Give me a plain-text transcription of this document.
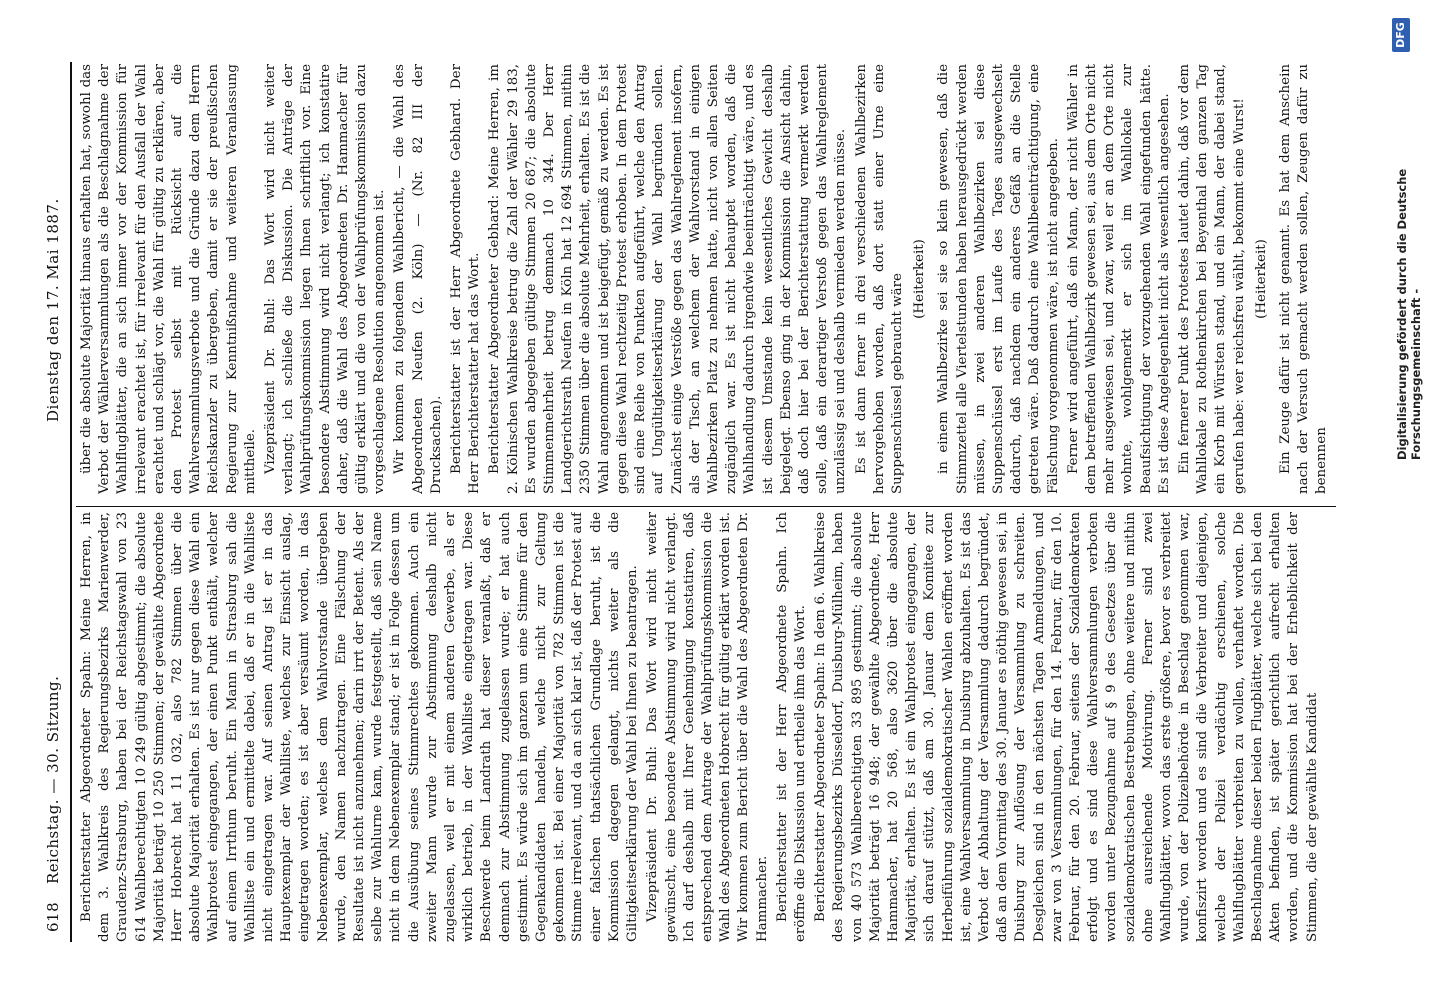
618
Reichstag. — 30. Sitzung.
Dienstag den 17. Mai 1887.

Berichterstatter Abgeordneter Spahn: Meine Herren, in dem 3. Wahlkreis des Regierungsbezirks Marienwerder, Graudenz-Strasburg, haben bei der Reichstagswahl von 23 614 Wahlberechtigten 10 249 gültig abgestimmt; die absolute Majorität beträgt 10 250 Stimmen; der gewählte Abgeordnete Herr Hobrecht hat 11 032, also 782 Stimmen über die absolute Majorität erhalten. Es ist nur gegen diese Wahl ein Wahlprotest eingegangen, der einen Punkt enthält, welcher auf einem Irrthum beruht. Ein Mann in Strasburg sah die Wahlliste ein und ermittelte dabei, daß er in die Wahlliste nicht eingetragen war. Auf seinen Antrag ist er in das Hauptexemplar der Wahlliste, welches zur Einsicht auslag, eingetragen worden; es ist aber versäumt worden, in das Nebenexemplar, welches dem Wahlvorstande übergeben wurde, den Namen nachzutragen. Eine Fälschung der Resultate ist nicht anzunehmen; darin irrt der Betent. Als der selbe zur Wahlurne kam, wurde festgestellt, daß sein Name nicht in dem Nebenexemplar stand; er ist in Folge dessen um die Ausübung seines Stimmrechtes gekommen. Auch ein zweiter Mann wurde zur Abstimmung deshalb nicht zugelassen, weil er mit einem anderen Gewerbe, als er wirklich betrieb, in der Wahlliste eingetragen war. Diese Beschwerde beim Landrath hat dieser veranlaßt, daß er demnach zur Abstimmung zugelassen wurde; er hat auch gestimmt. Es würde sich im ganzen um eine Stimme für den Gegenkandidaten handeln, welche nicht zur Geltung gekommen ist. Bei einer Majorität von 782 Stimmen ist die Stimme irrelevant, und da an sich klar ist, daß der Protest auf einer falschen thatsächlichen Grundlage beruht, ist die Kommission dagegen gelangt, nichts weiter als die Giltigkeitserklärung der Wahl bei Ihnen zu beantragen. Vizepräsident Dr. Buhl: Das Wort wird nicht weiter gewünscht, eine besondere Abstimmung wird nicht verlangt. Ich darf deshalb mit Ihrer Genehmigung konstatiren, daß entsprechend dem Antrage der Wahlprüfungskommission die Wahl des Abgeordneten Hobrecht für gültig erklärt worden ist. Wir kommen zum Bericht über die Wahl des Abgeordneten Dr. Hammacher. Berichterstatter ist der Herr Abgeordnete Spahn. Ich eröffne die Diskussion und ertheile ihm das Wort. Berichterstatter Abgeordneter Spahn: In dem 6. Wahlkreise des Regierungsbezirks Düsseldorf, Duisburg-Mülheim, haben von 40 573 Wahlberechtigten 33 895 gestimmt; die absolute Majorität beträgt 16 948; der gewählte Abgeordnete, Herr Hammacher, hat 20 568, also 3620 über die absolute Majorität, erhalten. Es ist ein Wahlprotest eingegangen, der sich darauf stützt, daß am 30. Januar dem Komitee zur Herbeiführung sozialdemokratischer Wahlen eröffnet worden ist, eine Wahlversammlung in Duisburg abzuhalten. Es ist das Verbot der Abhaltung der Versammlung dadurch begründet, daß an dem Vormittag des 30. Januar es nöthig gewesen sei, in Duisburg zur Auflösung der Versammlung zu schreiten. Desgleichen sind in den nächsten Tagen Anmeldungen, und zwar von 3 Versammlungen, für den 14. Februar, für den 10. Februar, für den 20. Februar, seitens der Sozialdemokraten erfolgt und es sind diese Wahlversammlungen verboten worden unter Bezugnahme auf § 9 des Gesetzes über die sozialdemokratischen Bestrebungen, ohne weitere und mithin ohne ausreichende Motivirung. Ferner sind zwei Wahlflugblätter, wovon das erste größere, bevor es verbreitet wurde, von der Polizeibehörde in Beschlag genommen war, konfiszirt worden und es sind die Verbreiter und diejenigen, welche der Polizei verdächtig erschienen, solche Wahlflugblätter verbreiten zu wollen, verhaftet worden. Die Beschlagnahme dieser beiden Flugblätter, welche sich bei den Akten befinden, ist später gerichtlich aufrecht erhalten worden, und die Kommission hat bei der Erheblichkeit der Stimmen, die der gewählte Kandidat

über die absolute Majorität hinaus erhalten hat, sowohl das Verbot der Wählerversammlungen als die Beschlagnahme der Wahlflugblätter, die an sich immer vor der Kommission für irrelevant erachtet ist, für irrelevant für den Ausfall der Wahl erachtet und schlägt vor, die Wahl für gültig zu erklären, aber den Protest selbst mit Rücksicht auf die Wahlversammlungsverbote und die Gründe dazu dem Herrn Reichskanzler zu übergeben, damit er sie der preußischen Regierung zur Kenntnißnahme und weiteren Veranlassung mittheile. Vizepräsident Dr. Buhl: Das Wort wird nicht weiter verlangt; ich schließe die Diskussion. Die Anträge der Wahlprüfungskommission liegen Ihnen schriftlich vor. Eine besondere Abstimmung wird nicht verlangt; ich konstatire daher, daß die Wahl des Abgeordneten Dr. Hammacher für gültig erklärt und die von der Wahlprüfungskommission dazu vorgeschlagene Resolution angenommen ist. Wir kommen zu folgendem Wahlbericht, — die Wahl des Abgeordneten Neufen (2. Köln) — (Nr. 82 III der Drucksachen). Berichterstatter ist der Herr Abgeordnete Gebhard. Der Herr Berichterstatter hat das Wort. Berichterstatter Abgeordneter Gebhard: Meine Herren, im 2. Kölnischen Wahlkreise betrug die Zahl der Wähler 29 183, Es wurden abgegeben gültige Stimmen 20 687; die absolute Stimmenmehrheit betrug demnach 10 344. Der Herr Landgerichtsrath Neufen in Köln hat 12 694 Stimmen, mithin 2350 Stimmen über die absolute Mehrheit, erhalten. Es ist die Wahl angenommen und ist beigefügt, gemäß zu werden. Es ist gegen diese Wahl rechtzeitig Protest erhoben. In dem Protest sind eine Reihe von Punkten aufgeführt, welche den Antrag auf Ungültigkeitserklärung der Wahl begründen sollen. Zunächst einige Verstöße gegen das Wahlreglement insofern, als der Tisch, an welchem der Wahlvorstand in einigen Wahlbezirken Platz zu nehmen hatte, nicht von allen Seiten zugänglich war. Es ist nicht behauptet worden, daß die Wahlhandlung dadurch irgendwie beeinträchtigt wäre, und es ist diesem Umstande kein wesentliches Gewicht deshalb beigelegt. Ebenso ging in der Kommission die Ansicht dahin, daß doch hier bei der Berichterstattung vermerkt werden solle, daß ein derartiger Verstoß gegen das Wahlreglement unzulässig sei und deshalb vermieden werden müsse. Es ist dann ferner in drei verschiedenen Wahlbezirken hervorgehoben worden, daß dort statt einer Urne eine Suppenschüssel gebraucht wäre (Heiterkeit) in einem Wahlbezirke sei sie so klein gewesen, daß die Stimmzettel alle Viertelstunden haben herausgedrückt werden müssen, in zwei anderen Wahlbezirken sei diese Suppenschüssel erst im Laufe des Tages ausgewechselt dadurch, daß nachdem ein anderes Gefäß an die Stelle getreten wäre. Daß dadurch eine Wahlbeeinträchtigung, eine Fälschung vorgenommen wäre, ist nicht angegeben. Ferner wird angeführt, daß ein Mann, der nicht Wähler in dem betreffenden Wahlbezirk gewesen sei, aus dem Orte nicht mehr ausgewiesen sei, und zwar, weil er an dem Orte nicht wohnte, wohlgemerkt er sich im Wahllokale zur Beaufsichtigung der vorzugehenden Wahl eingefunden hätte. Es ist diese Angelegenheit nicht als wesentlich angesehen. Ein fernerer Punkt des Protestes lautet dahin, daß vor dem Wahllokale zu Rothenkirchen bei Beyenthal den ganzen Tag ein Korb mit Würsten stand, und ein Mann, der dabei stand, gerufen habe: wer reichsfreu wählt, bekommt eine Wurst! (Heiterkeit) Ein Zeuge dafür ist nicht genannt. Es hat dem Anschein nach der Versuch gemacht werden sollen, Zeugen dafür zu benennen

Digitalisierung gefördert durch die Deutsche Forschungsgemeinschaft -
DFG
